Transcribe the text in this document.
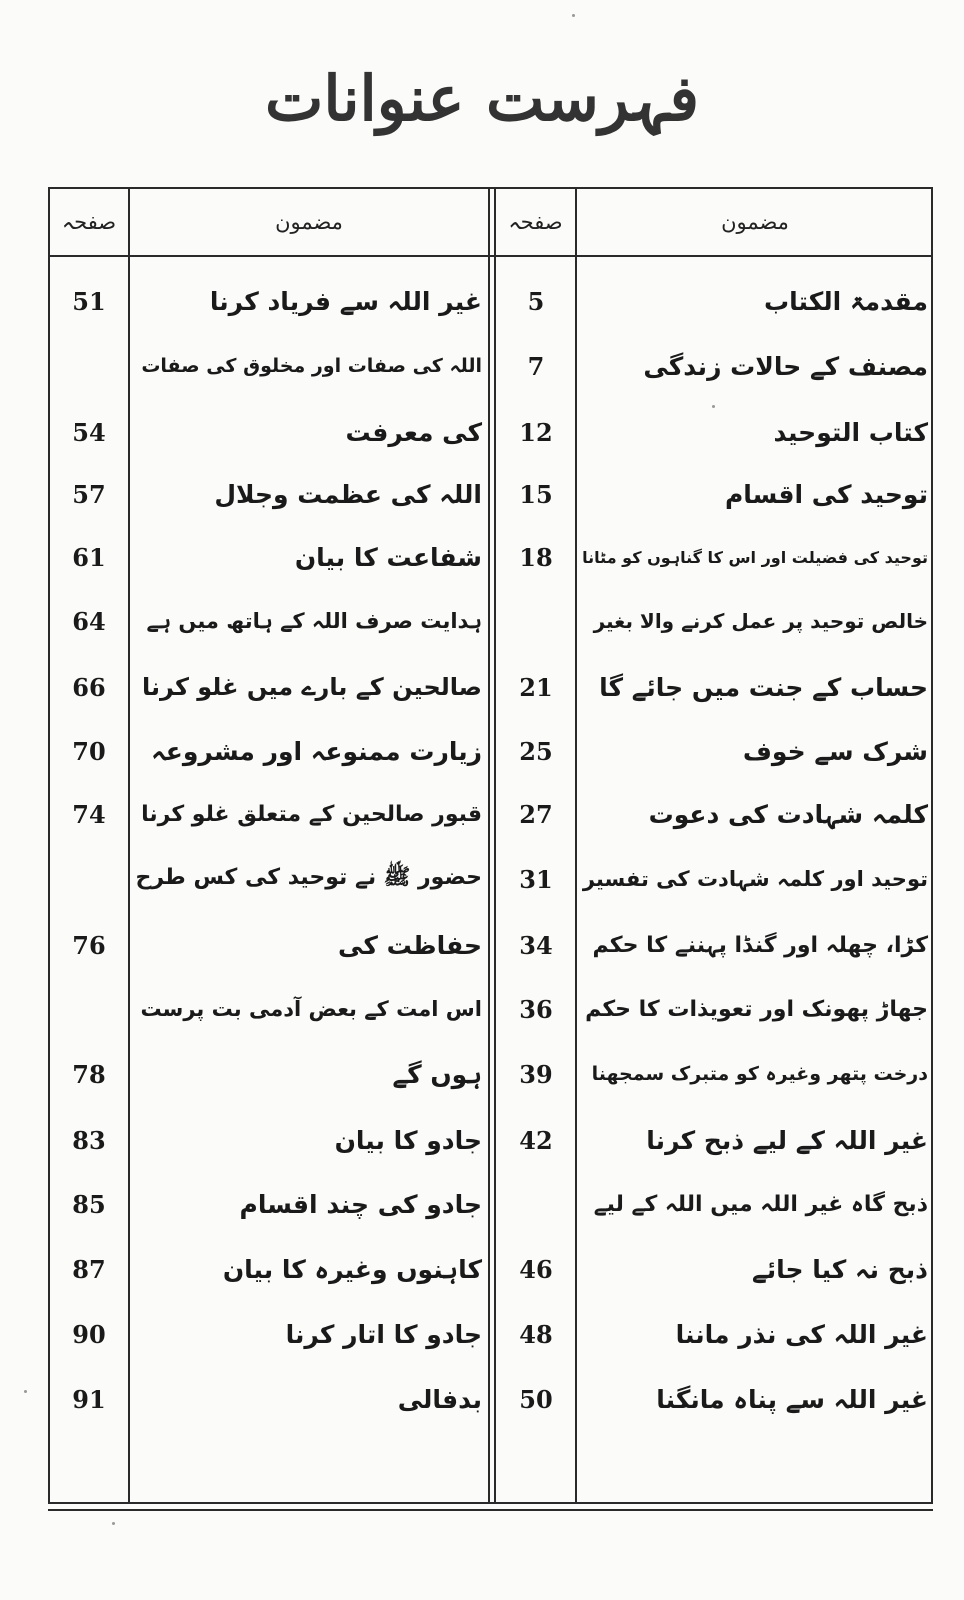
فہرست عنوانات
مضمون
صفحہ
مضمون
صفحہ
مقدمۃ الکتاب
5
مصنف کے حالات زندگی
7
کتاب التوحید
12
توحید کی اقسام
15
توحید کی فضیلت اور اس کا گناہوں کو مٹانا
18
خالص توحید پر عمل کرنے والا بغیر
حساب کے جنت میں جائے گا
21
شرک سے خوف
25
کلمہ شہادت کی دعوت
27
توحید اور کلمہ شہادت کی تفسیر
31
کڑا، چھلہ اور گنڈا پہننے کا حکم
34
جھاڑ پھونک اور تعویذات کا حکم
36
درخت پتھر وغیرہ کو متبرک سمجھنا
39
غیر اللہ کے لیے ذبح کرنا
42
ذبح گاہ غیر اللہ میں اللہ کے لیے
ذبح نہ کیا جائے
46
غیر اللہ کی نذر ماننا
48
غیر اللہ سے پناہ مانگنا
50
غیر اللہ سے فریاد کرنا
51
اللہ کی صفات اور مخلوق کی صفات
کی معرفت
54
اللہ کی عظمت وجلال
57
شفاعت کا بیان
61
ہدایت صرف اللہ کے ہاتھ میں ہے
64
صالحین کے بارے میں غلو کرنا
66
زیارت ممنوعہ اور مشروعہ
70
قبور صالحین کے متعلق غلو کرنا
74
حضور ﷺ نے توحید کی کس طرح
حفاظت کی
76
اس امت کے بعض آدمی بت پرست
ہوں گے
78
جادو کا بیان
83
جادو کی چند اقسام
85
کاہنوں وغیرہ کا بیان
87
جادو کا اتار کرنا
90
بدفالی
91
